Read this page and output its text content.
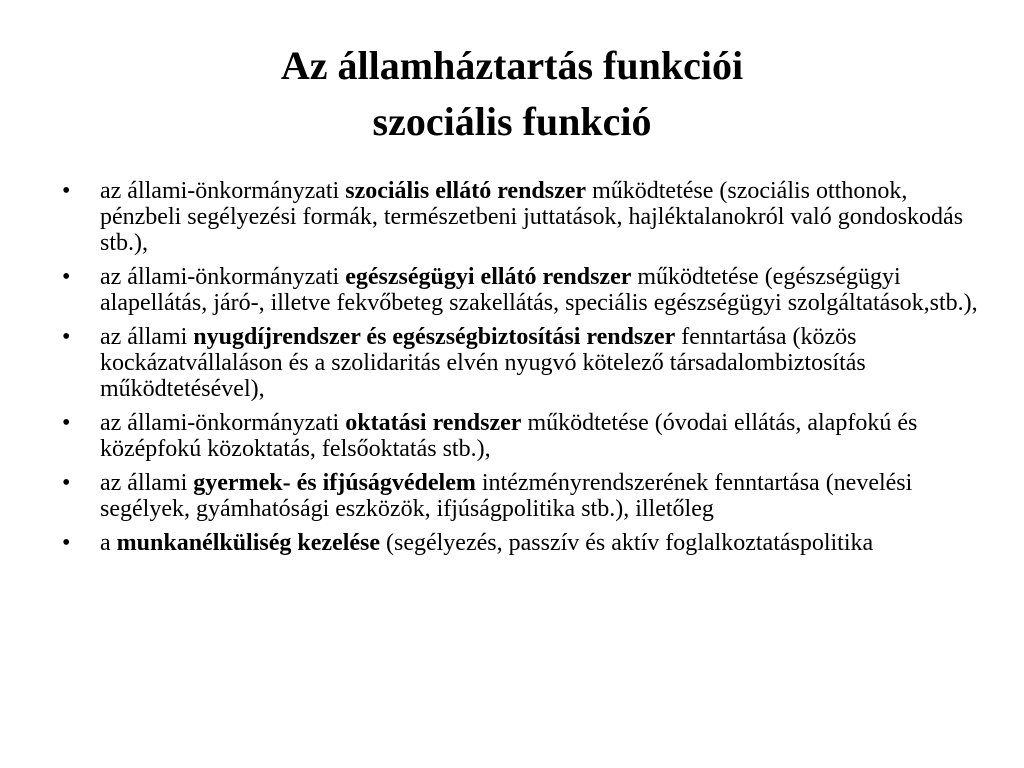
Az államháztartás funkciói
szociális funkció
• az állami-önkormányzati szociális ellátó rendszer működtetése (szociális otthonok, pénzbeli segélyezési formák, természetbeni juttatások, hajléktalanokról való gondoskodás stb.),
• az állami-önkormányzati egészségügyi ellátó rendszer működtetése (egészségügyi alapellátás, járó-, illetve fekvőbeteg szakellátás, speciális egészségügyi szolgáltatások,stb.),
• az állami nyugdíjrendszer és egészségbiztosítási rendszer fenntartása (közös kockázatvállaláson és a szolidaritás elvén nyugvó kötelező társadalombiztosítás működtetésével),
• az állami-önkormányzati oktatási rendszer működtetése (óvodai ellátás, alapfokú és középfokú közoktatás, felsőoktatás stb.),
• az állami gyermek- és ifjúságvédelem intézményrendszerének fenntartása (nevelési segélyek, gyámhatósági eszközök, ifjúságpolitika stb.), illetőleg
• a munkanélküliség kezelése (segélyezés, passzív és aktív foglalkoztatáspolitika
